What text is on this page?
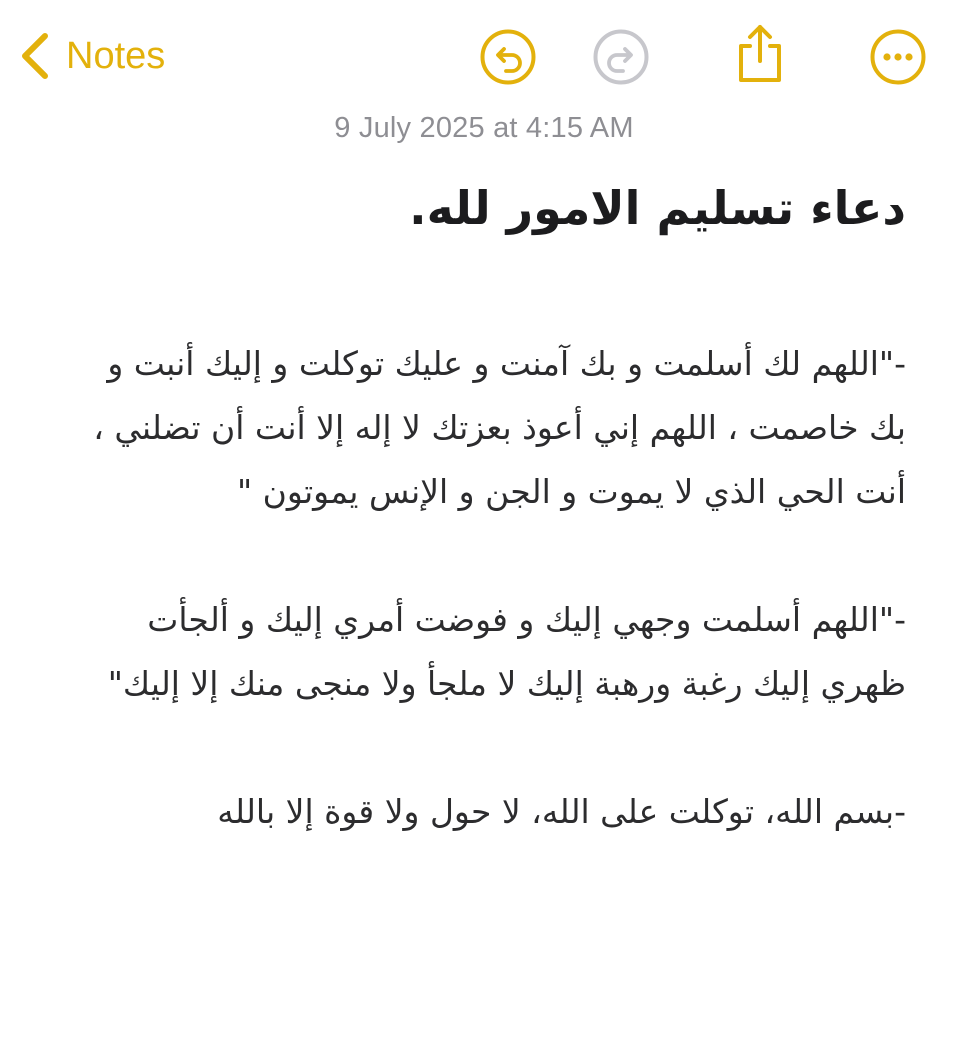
Notes
9 July 2025 at 4:15 AM
دعاء تسليم الامور لله.

-"اللهم لك أسلمت و بك آمنت و عليك توكلت و إليك أنبت و بك خاصمت ، اللهم إني أعوذ بعزتك لا إله إلا أنت أن تضلني ، أنت الحي الذي لا يموت و الجن و الإنس يموتون "

-"اللهم أسلمت وجهي إليك و فوضت أمري إليك و ألجأت ظهري إليك رغبة ورهبة إليك لا ملجأ ولا منجى منك إلا إليك"

-بسم الله، توكلت على الله، لا حول ولا قوة إلا بالله
